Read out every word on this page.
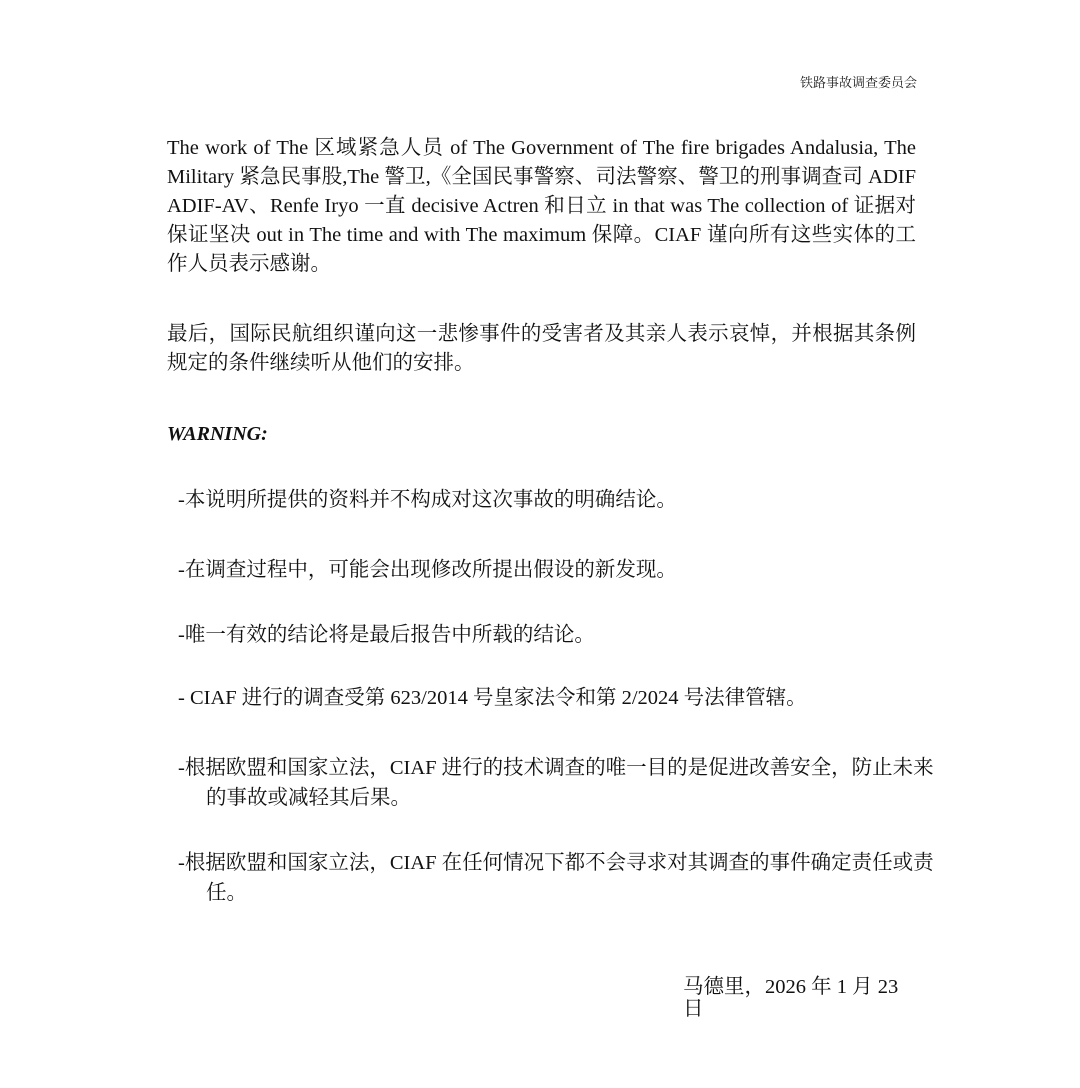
铁路事故调查委员会
The work of The 区域紧急人员 of The Government of The fire brigades Andalusia, The Military 紧急民事股,The 警卫,《全国民事警察、司法警察、警卫的刑事调查司 ADIF ADIF-AV、Renfe Iryo 一直 decisive Actren 和日立 in that was The collection of 证据对保证坚决 out in The time and with The maximum 保障。CIAF 谨向所有这些实体的工作人员表示感谢。
最后，国际民航组织谨向这一悲惨事件的受害者及其亲人表示哀悼，并根据其条例规定的条件继续听从他们的安排。
WARNING:
-本说明所提供的资料并不构成对这次事故的明确结论。
-在调查过程中，可能会出现修改所提出假设的新发现。
-唯一有效的结论将是最后报告中所载的结论。
- CIAF 进行的调查受第 623/2014 号皇家法令和第 2/2024 号法律管辖。
-根据欧盟和国家立法，CIAF 进行的技术调查的唯一目的是促进改善安全，防止未来的事故或减轻其后果。
-根据欧盟和国家立法，CIAF 在任何情况下都不会寻求对其调查的事件确定责任或责任。
马德里，2026 年 1 月 23 日
